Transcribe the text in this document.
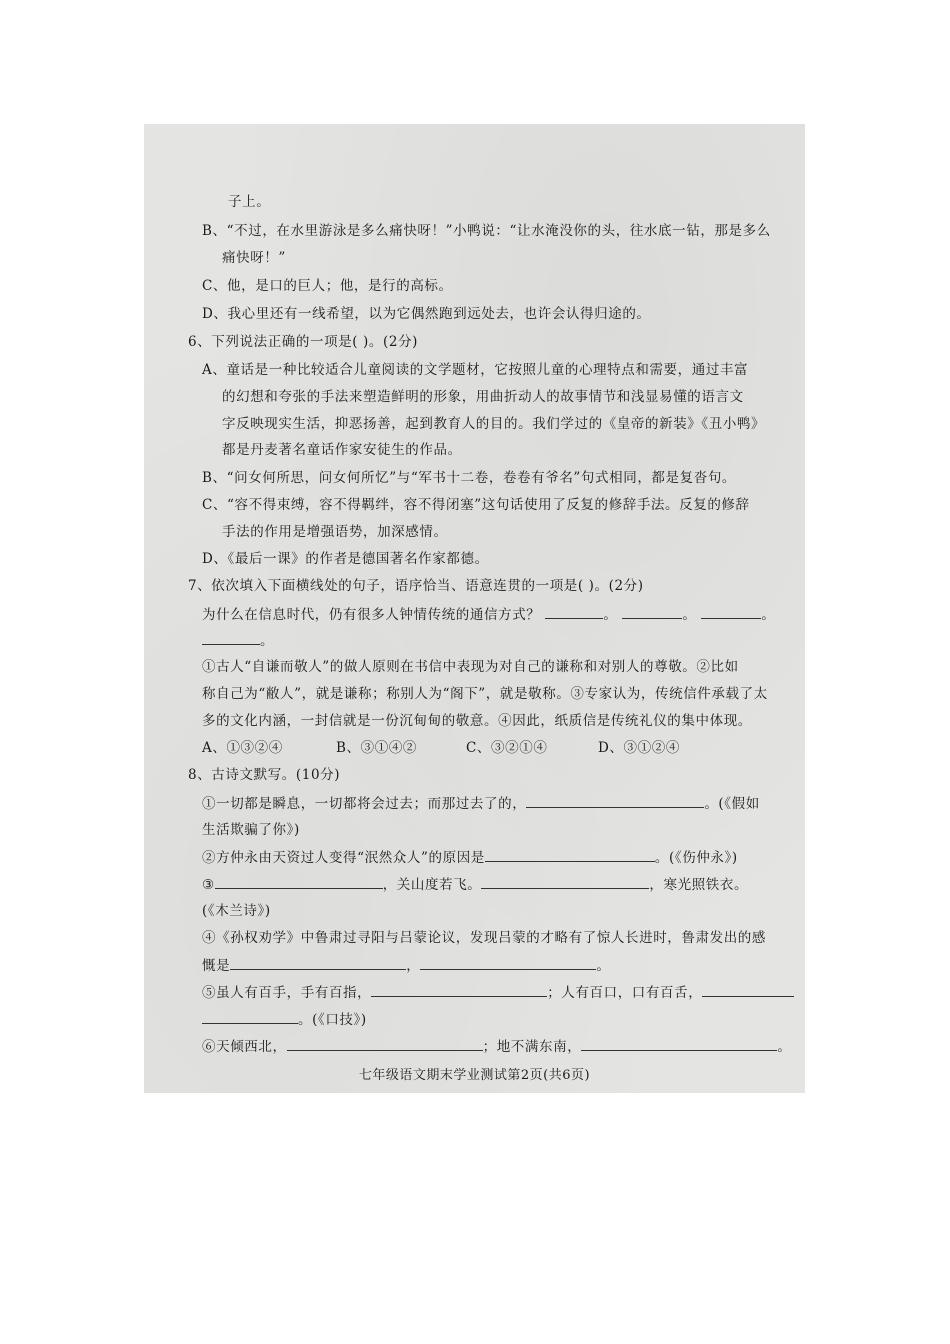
子上。
B、“不过，在水里游泳是多么痛快呀！”小鸭说：“让水淹没你的头，往水底一钻，那是多么
痛快呀！”
C、他，是口的巨人；他，是行的高标。
D、我心里还有一线希望，以为它偶然跑到远处去，也许会认得归途的。
6、下列说法正确的一项是( )。(2分)
A、童话是一种比较适合儿童阅读的文学题材，它按照儿童的心理特点和需要，通过丰富
的幻想和夸张的手法来塑造鲜明的形象，用曲折动人的故事情节和浅显易懂的语言文
字反映现实生活，抑恶扬善，起到教育人的目的。我们学过的《皇帝的新装》《丑小鸭》
都是丹麦著名童话作家安徒生的作品。
B、“问女何所思，问女何所忆”与“军书十二卷，卷卷有爷名”句式相同，都是复沓句。
C、“容不得束缚，容不得羁绊，容不得闭塞”这句话使用了反复的修辞手法。反复的修辞
手法的作用是增强语势，加深感情。
D、《最后一课》的作者是德国著名作家都德。
7、依次填入下面横线处的句子，语序恰当、语意连贯的一项是( )。(2分)
为什么在信息时代，仍有很多人钟情传统的通信方式？	。	。	。
。
①古人“自谦而敬人”的做人原则在书信中表现为对自己的谦称和对别人的尊敬。②比如
称自己为“敝人”，就是谦称；称别人为“阁下”，就是敬称。③专家认为，传统信件承载了太
多的文化内涵，一封信就是一份沉甸甸的敬意。④因此，纸质信是传统礼仪的集中体现。
A、①③②④	B、③①④②	C、③②①④	D、③①②④
8、古诗文默写。(10分)
①一切都是瞬息，一切都将会过去；而那过去了的，	。(《假如
生活欺骗了你》)
②方仲永由天资过人变得“泯然众人”的原因是	。(《伤仲永》)
③	，关山度若飞。	，寒光照铁衣。
(《木兰诗》)
④《孙权劝学》中鲁肃过寻阳与吕蒙论议，发现吕蒙的才略有了惊人长进时，鲁肃发出的感
慨是	，	。
⑤虽人有百手，手有百指，	；人有百口，口有百舌，
。(《口技》)
⑥天倾西北，	；地不满东南，	。
七年级语文期末学业测试第2页(共6页)
